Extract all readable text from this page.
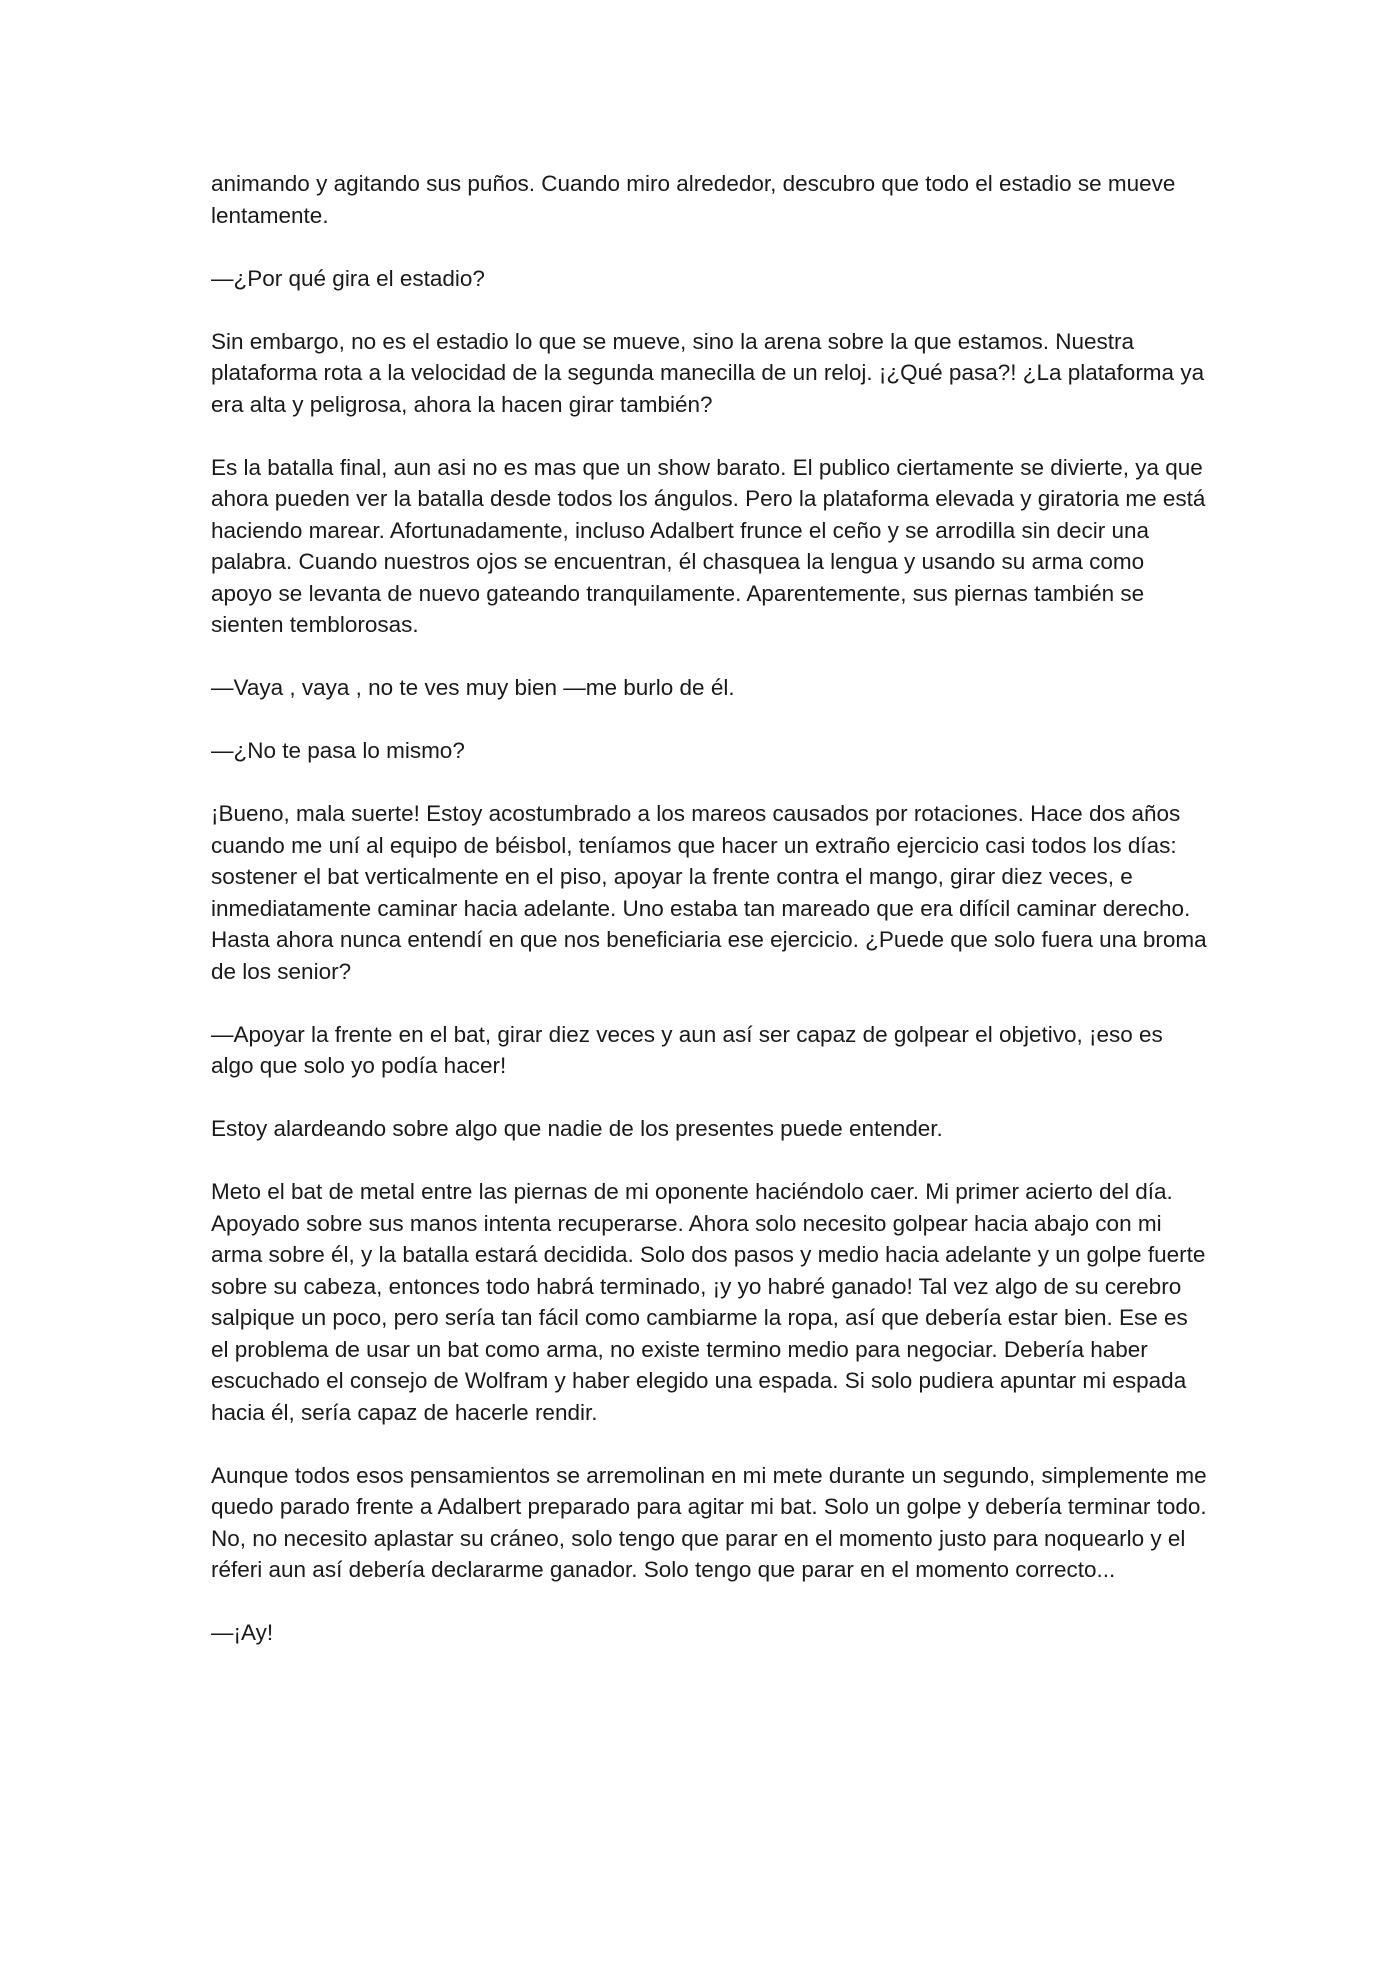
animando y agitando sus puños. Cuando miro alrededor, descubro que todo el estadio se mueve lentamente.

—¿Por qué gira el estadio?

Sin embargo, no es el estadio lo que se mueve, sino la arena sobre la que estamos. Nuestra plataforma rota a la velocidad de la segunda manecilla de un reloj. ¡¿Qué pasa?! ¿La plataforma ya era alta y peligrosa, ahora la hacen girar también?

Es la batalla final, aun asi no es mas que un show barato. El publico ciertamente se divierte, ya que ahora pueden ver la batalla desde todos los ángulos. Pero la plataforma elevada y giratoria me está haciendo marear. Afortunadamente, incluso Adalbert frunce el ceño y se arrodilla sin decir una palabra. Cuando nuestros ojos se encuentran, él chasquea la lengua y usando su arma como apoyo se levanta de nuevo gateando tranquilamente. Aparentemente, sus piernas también se sienten temblorosas.

—Vaya , vaya , no te ves muy bien —me burlo de él.

—¿No te pasa lo mismo?

¡Bueno, mala suerte! Estoy acostumbrado a los mareos causados por rotaciones. Hace dos años cuando me uní al equipo de béisbol, teníamos que hacer un extraño ejercicio casi todos los días: sostener el bat verticalmente en el piso, apoyar la frente contra el mango, girar diez veces, e inmediatamente caminar hacia adelante. Uno estaba tan mareado que era difícil caminar derecho. Hasta ahora nunca entendí en que nos beneficiaria ese ejercicio. ¿Puede que solo fuera una broma de los senior?

—Apoyar la frente en el bat, girar diez veces y aun así ser capaz de golpear el objetivo, ¡eso es algo que solo yo podía hacer!

Estoy alardeando sobre algo que nadie de los presentes puede entender.

Meto el bat de metal entre las piernas de mi oponente haciéndolo caer. Mi primer acierto del día. Apoyado sobre sus manos intenta recuperarse. Ahora solo necesito golpear hacia abajo con mi arma sobre él, y la batalla estará decidida. Solo dos pasos y medio hacia adelante y un golpe fuerte sobre su cabeza, entonces todo habrá terminado, ¡y yo habré ganado! Tal vez algo de su cerebro salpique un poco, pero sería tan fácil como cambiarme la ropa, así que debería estar bien. Ese es el problema de usar un bat como arma, no existe termino medio para negociar. Debería haber escuchado el consejo de Wolfram y haber elegido una espada. Si solo pudiera apuntar mi espada hacia él, sería capaz de hacerle rendir.

Aunque todos esos pensamientos se arremolinan en mi mete durante un segundo, simplemente me quedo parado frente a Adalbert preparado para agitar mi bat. Solo un golpe y debería terminar todo. No, no necesito aplastar su cráneo, solo tengo que parar en el momento justo para noquearlo y el réferi aun así debería declararme ganador. Solo tengo que parar en el momento correcto...

—¡Ay!
